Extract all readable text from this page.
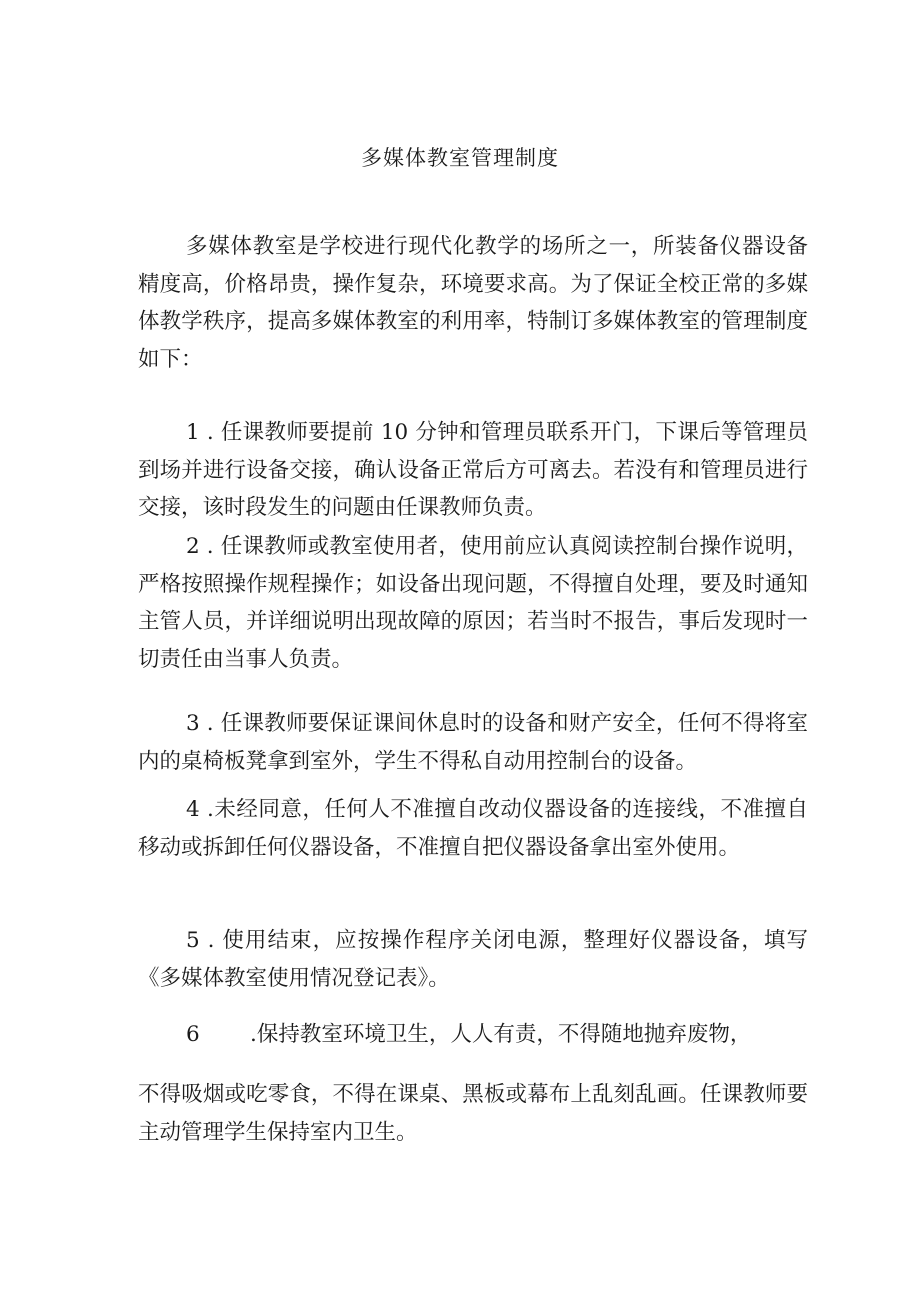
多媒体教室管理制度

多媒体教室是学校进行现代化教学的场所之一，所装备仪器设备精度高，价格昂贵，操作复杂，环境要求高。为了保证全校正常的多媒体教学秩序，提高多媒体教室的利用率，特制订多媒体教室的管理制度如下：

1 . 任课教师要提前 10 分钟和管理员联系开门，下课后等管理员到场并进行设备交接，确认设备正常后方可离去。若没有和管理员进行交接，该时段发生的问题由任课教师负责。

2 . 任课教师或教室使用者，使用前应认真阅读控制台操作说明，严格按照操作规程操作；如设备出现问题，不得擅自处理，要及时通知主管人员，并详细说明出现故障的原因；若当时不报告，事后发现时一切责任由当事人负责。

3 . 任课教师要保证课间休息时的设备和财产安全，任何不得将室内的桌椅板凳拿到室外，学生不得私自动用控制台的设备。

4 .未经同意，任何人不准擅自改动仪器设备的连接线，不准擅自移动或拆卸任何仪器设备，不准擅自把仪器设备拿出室外使用。

5 . 使用结束，应按操作程序关闭电源，整理好仪器设备，填写《多媒体教室使用情况登记表》。

6 .保持教室环境卫生，人人有责，不得随地抛弃废物，

不得吸烟或吃零食，不得在课桌、黑板或幕布上乱刻乱画。任课教师要主动管理学生保持室内卫生。
